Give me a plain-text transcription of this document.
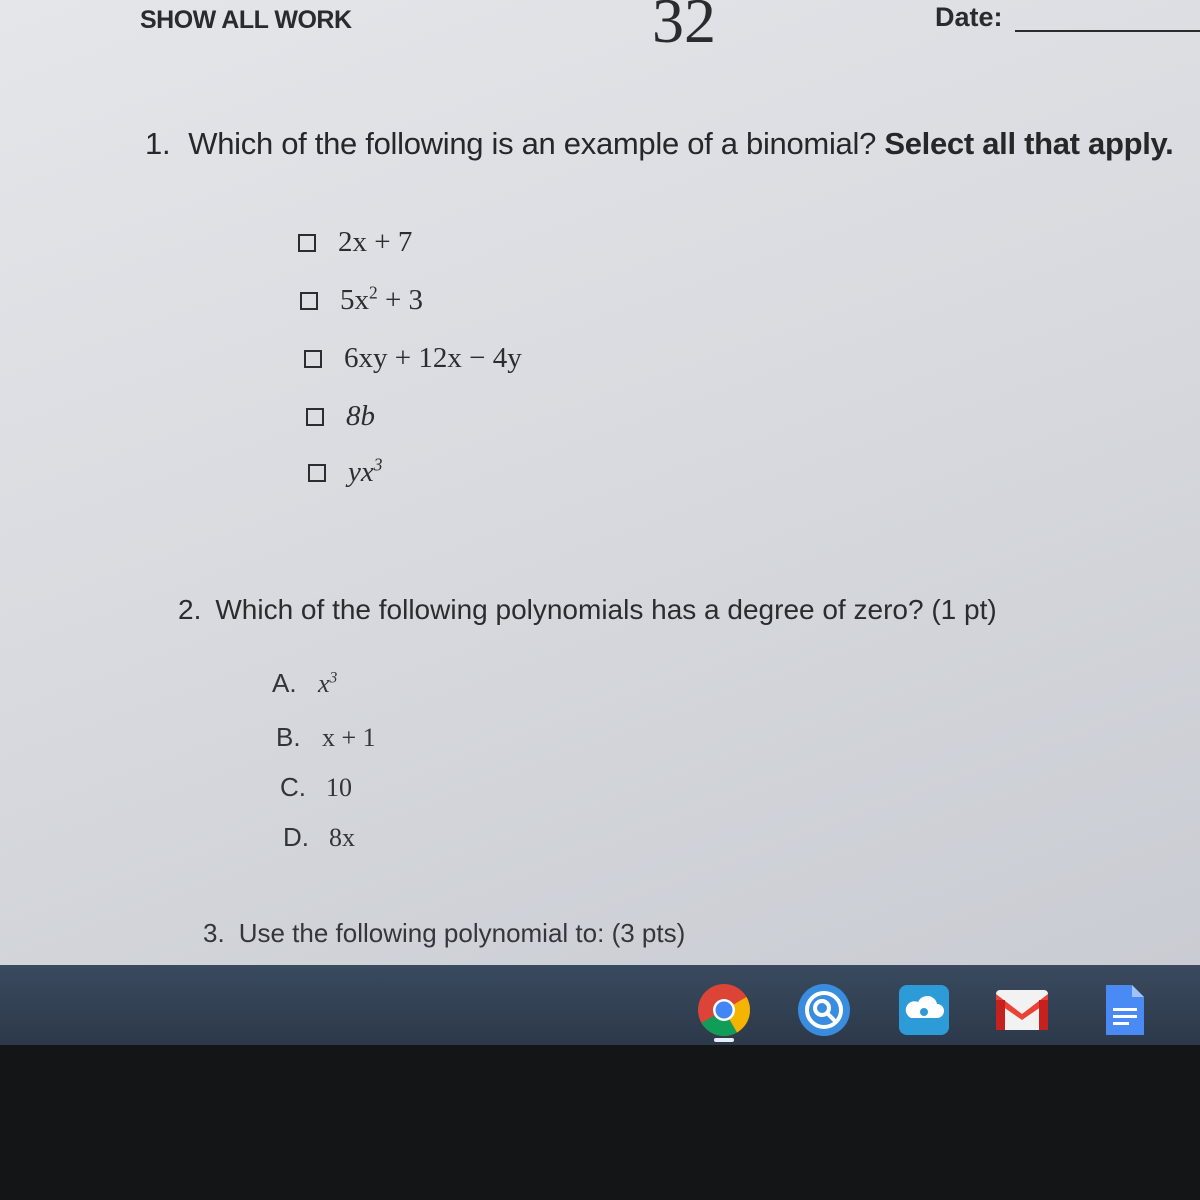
SHOW ALL WORK	32	Date:
1. Which of the following is an example of a binomial? Select all that apply.
2x + 7
$5x^2 + 3$
6xy + 12x − 4y
8b
$yx^3$
2. Which of the following polynomials has a degree of zero? (1 pt)
A. $x^3$
B. x + 1
C. 10
D. 8x
3. Use the following polynomial to: (3 pts)
